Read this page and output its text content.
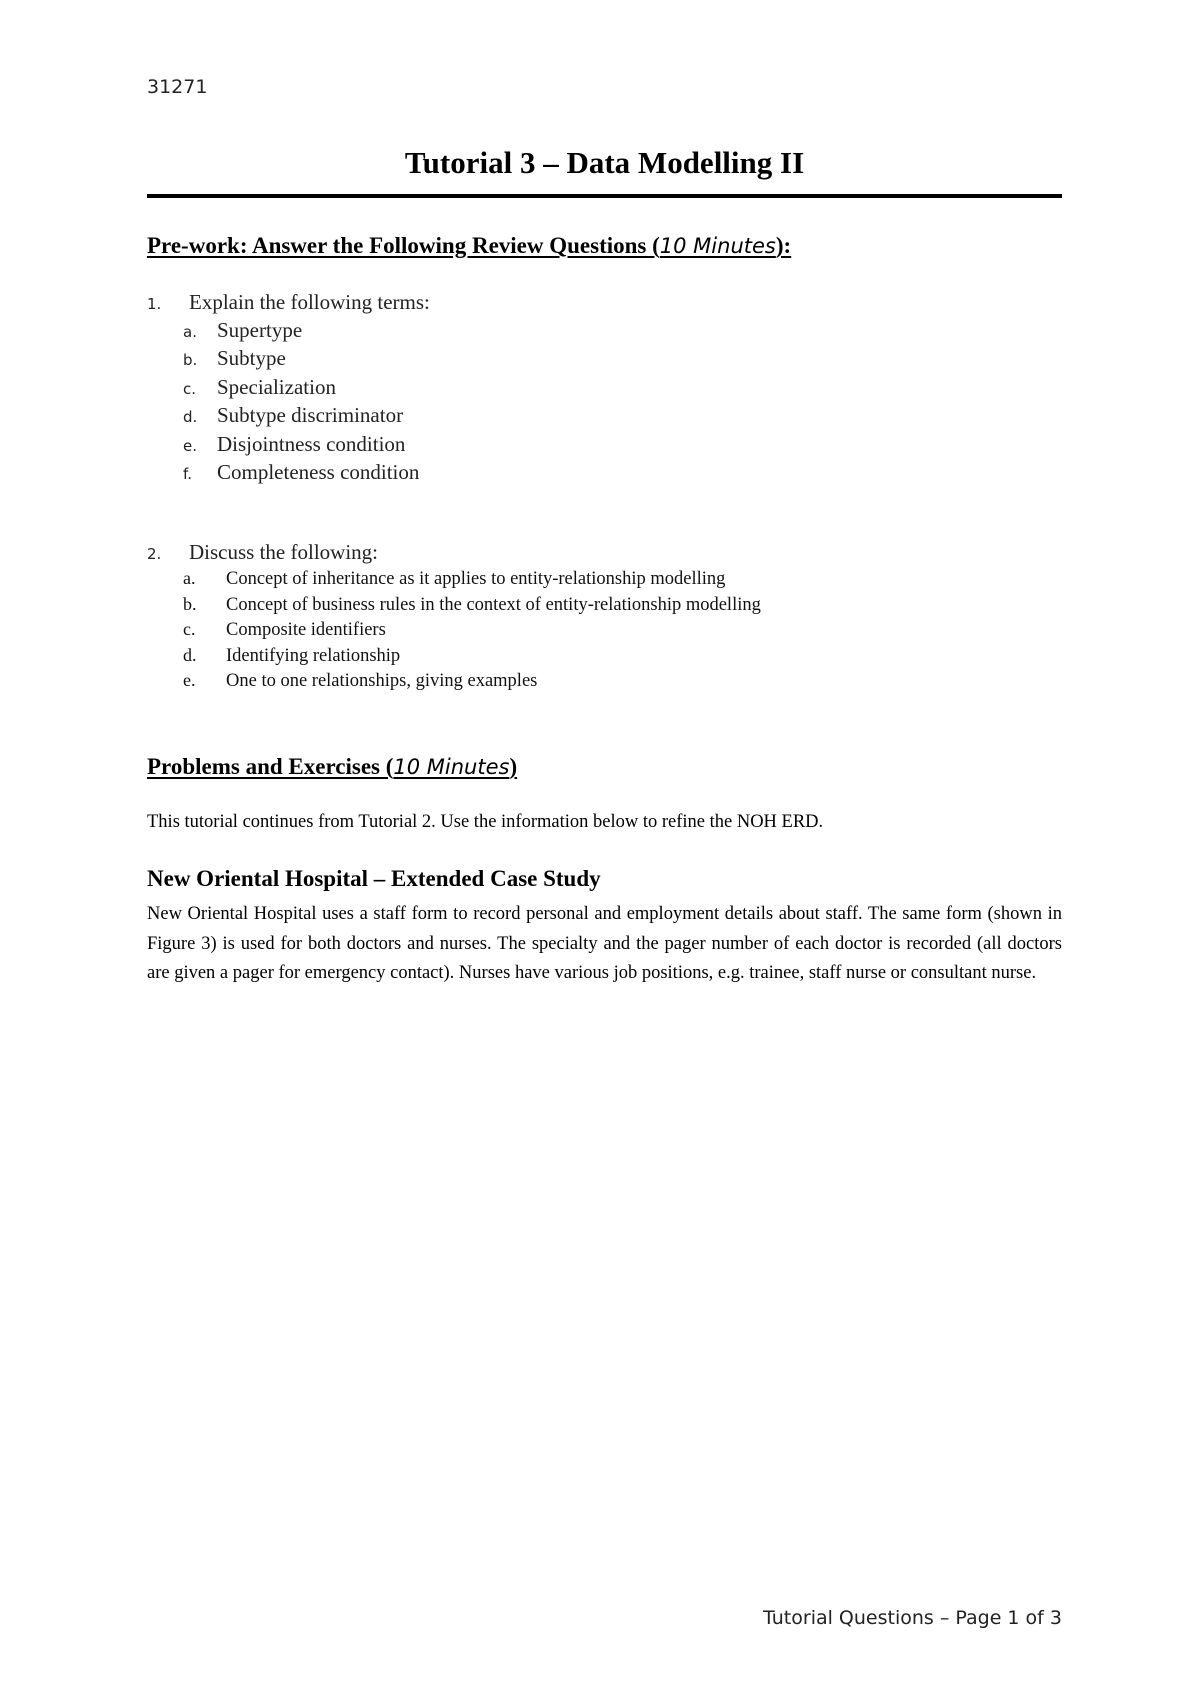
31271
Tutorial 3 – Data Modelling II
Pre-work: Answer the Following Review Questions (10 Minutes):
1. Explain the following terms:
a. Supertype
b. Subtype
c. Specialization
d. Subtype discriminator
e. Disjointness condition
f. Completeness condition
2. Discuss the following:
a. Concept of inheritance as it applies to entity-relationship modelling
b. Concept of business rules in the context of entity-relationship modelling
c. Composite identifiers
d. Identifying relationship
e. One to one relationships, giving examples
Problems and Exercises (10 Minutes)
This tutorial continues from Tutorial 2. Use the information below to refine the NOH ERD.
New Oriental Hospital – Extended Case Study

New Oriental Hospital uses a staff form to record personal and employment details about staff. The same form (shown in Figure 3) is used for both doctors and nurses. The specialty and the pager number of each doctor is recorded (all doctors are given a pager for emergency contact). Nurses have various job positions, e.g. trainee, staff nurse or consultant nurse.

Tutorial Questions – Page 1 of 3
